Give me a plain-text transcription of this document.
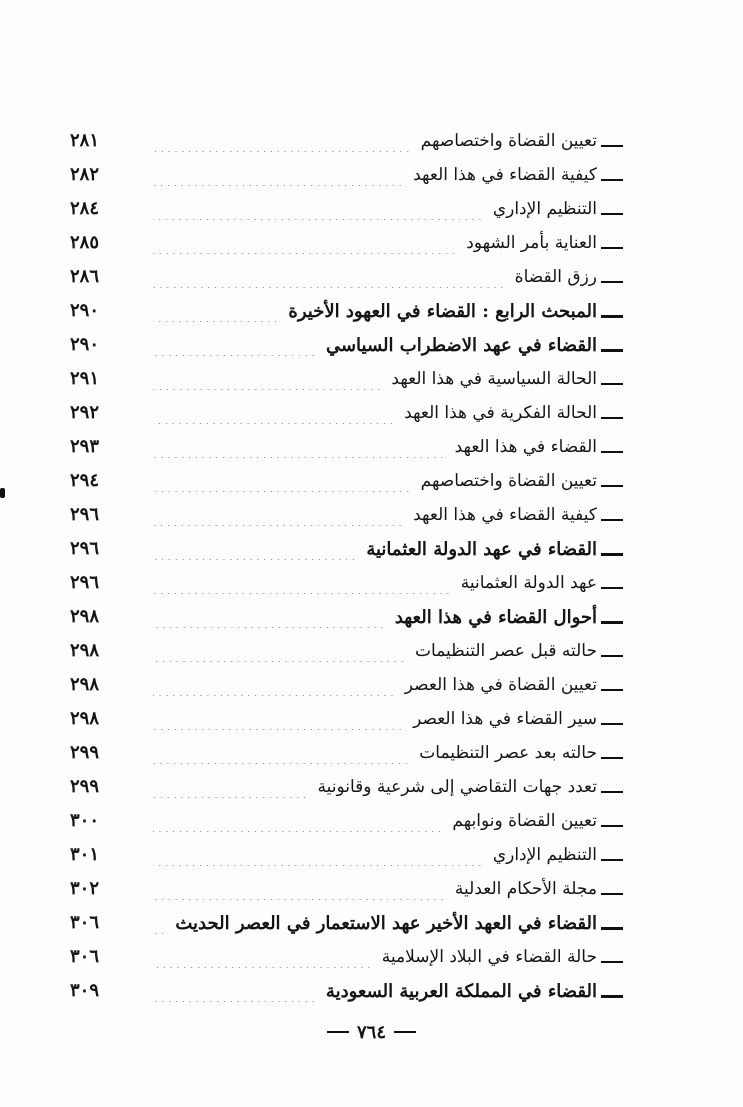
تعيين القضاة واختصاصهم
.....
٢٨١
كيفية القضاء في هذا العهد
.....
٢٨٢
التنظيم الإداري
.....
٢٨٤
العناية بأمر الشهود
.....
٢٨٥
رزق القضاة
.....
٢٨٦
المبحث الرابع : القضاء في العهود الأخيرة
.....
٢٩٠
القضاء في عهد الاضطراب السياسي
.....
٢٩٠
الحالة السياسية في هذا العهد
.....
٢٩١
الحالة الفكرية في هذا العهد
.....
٢٩٢
القضاء في هذا العهد
.....
٢٩٣
تعيين القضاة واختصاصهم
.....
٢٩٤
كيفية القضاء في هذا العهد
.....
٢٩٦
القضاء في عهد الدولة العثمانية
.....
٢٩٦
عهد الدولة العثمانية
.....
٢٩٦
أحوال القضاء في هذا العهد
.....
٢٩٨
حالته قبل عصر التنظيمات
.....
٢٩٨
تعيين القضاة في هذا العصر
.....
٢٩٨
سير القضاء في هذا العصر
.....
٢٩٨
حالته بعد عصر التنظيمات
.....
٢٩٩
تعدد جهات التقاضي إلى شرعية وقانونية
.....
٢٩٩
تعيين القضاة ونوابهم
.....
٣٠٠
التنظيم الإداري
.....
٣٠١
مجلة الأحكام العدلية
.....
٣٠٢
القضاء في العهد الأخير عهد الاستعمار في العصر الحديث
.....
٣٠٦
حالة القضاء في البلاد الإسلامية
.....
٣٠٦
القضاء في المملكة العربية السعودية
.....
٣٠٩
٧٦٤
